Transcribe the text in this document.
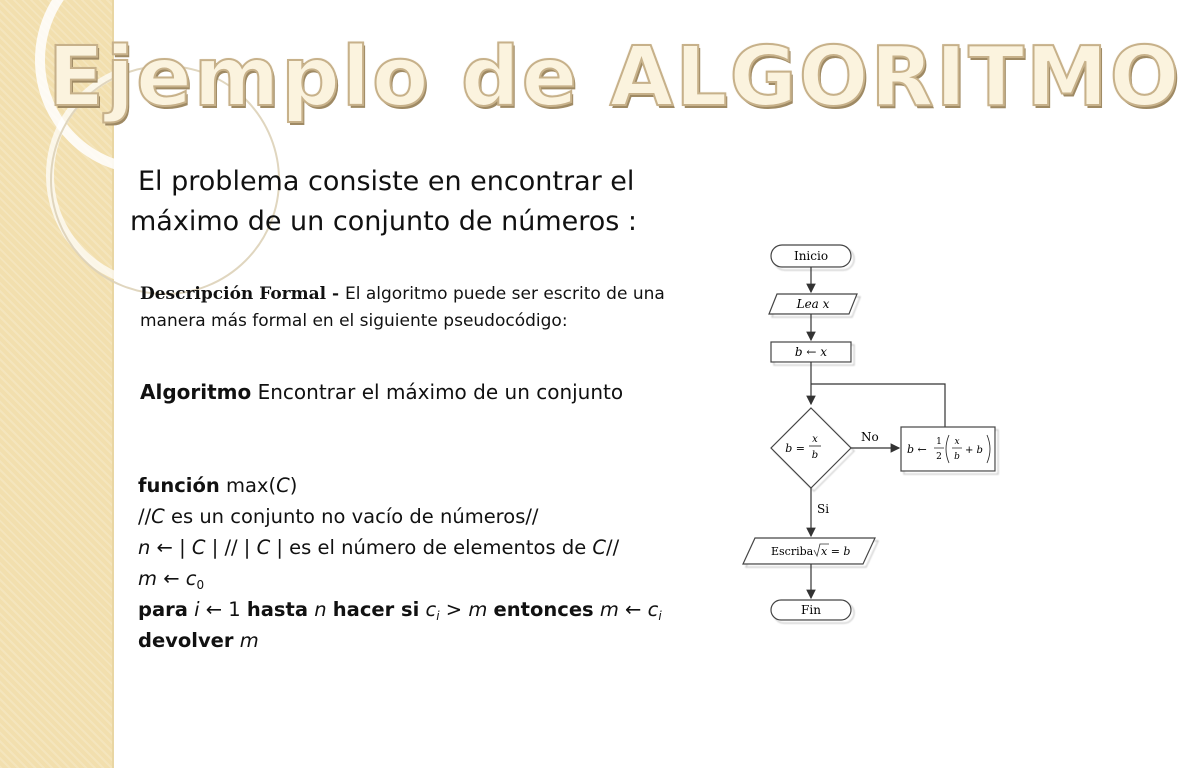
Ejemplo de ALGORITMO
El problema consiste en encontrar el
máximo de un conjunto de números :
Descripción Formal - El algoritmo puede ser escrito de una manera más formal en el siguiente pseudocódigo:
Algoritmo Encontrar el máximo de un conjunto
función max(C)
//C es un conjunto no vacío de números//
n ← | C | // | C | es el número de elementos de C//
m ← $c_0$
para i ← 1 hasta n hacer si $c_i > m$ entonces m ← $c_i$
devolver m
Inicio
Lea x
b ← x
b =
x
b
No
b ←
1
2
x
b
+ b
Si
Escriba x = b
Fin
